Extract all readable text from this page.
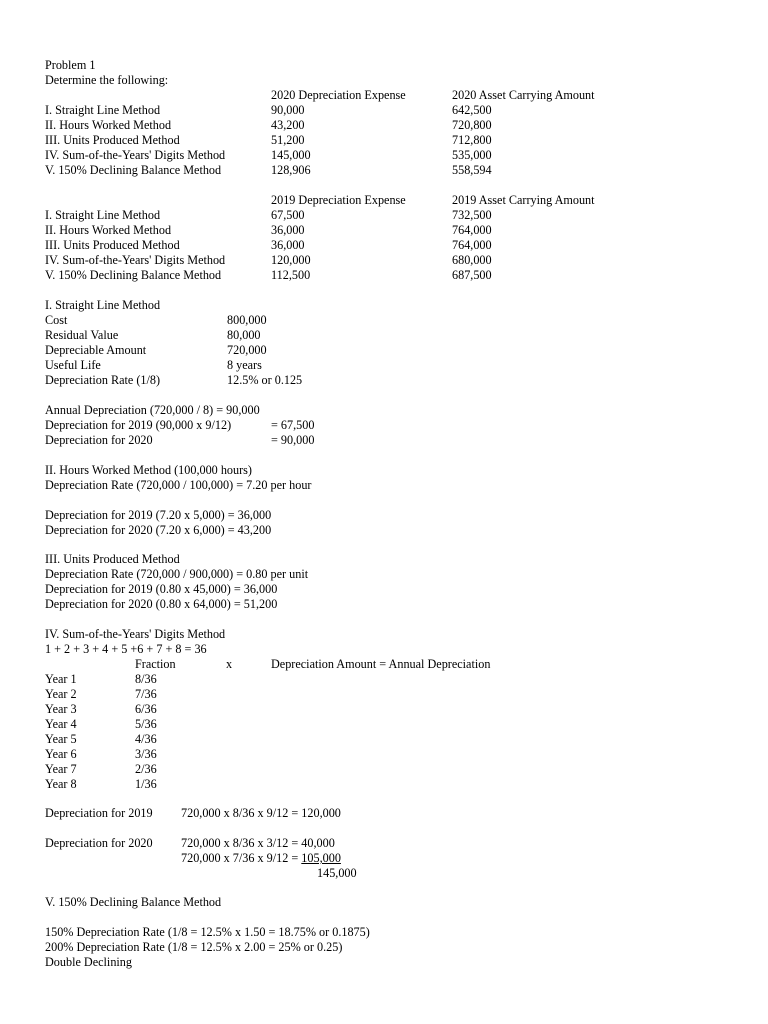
Problem 1
Determine the following:
2020 Depreciation Expense	2020 Asset Carrying Amount
I. Straight Line Method	90,000	642,500
II. Hours Worked Method	43,200	720,800
III. Units Produced Method	51,200	712,800
IV. Sum-of-the-Years' Digits Method	145,000	535,000
V. 150% Declining Balance Method	128,906	558,594
2019 Depreciation Expense	2019 Asset Carrying Amount
I. Straight Line Method	67,500	732,500
II. Hours Worked Method	36,000	764,000
III. Units Produced Method	36,000	764,000
IV. Sum-of-the-Years' Digits Method	120,000	680,000
V. 150% Declining Balance Method	112,500	687,500
I. Straight Line Method
Cost	800,000
Residual Value	80,000
Depreciable Amount	720,000
Useful Life	8 years
Depreciation Rate (1/8)	12.5% or 0.125
Annual Depreciation (720,000 / 8) = 90,000
Depreciation for 2019 (90,000 x 9/12)	= 67,500
Depreciation for 2020	= 90,000
II. Hours Worked Method (100,000 hours)
Depreciation Rate (720,000 / 100,000) = 7.20 per hour
Depreciation for 2019 (7.20 x 5,000) = 36,000
Depreciation for 2020 (7.20 x 6,000) = 43,200
III. Units Produced Method
Depreciation Rate (720,000 / 900,000) = 0.80 per unit
Depreciation for 2019 (0.80 x 45,000) = 36,000
Depreciation for 2020 (0.80 x 64,000) = 51,200
IV. Sum-of-the-Years' Digits Method
1 + 2 + 3 + 4 + 5 +6 + 7 + 8 = 36
Fraction	x	Depreciation Amount = Annual Depreciation
Year 1	8/36
Year 2	7/36
Year 3	6/36
Year 4	5/36
Year 5	4/36
Year 6	3/36
Year 7	2/36
Year 8	1/36
Depreciation for 2019 720,000 x 8/36 x 9/12 = 120,000
Depreciation for 2020 720,000 x 8/36 x 3/12 = 40,000
720,000 x 7/36 x 9/12 = 105,000
145,000
V. 150% Declining Balance Method
150% Depreciation Rate (1/8 = 12.5% x 1.50 = 18.75% or 0.1875)
200% Depreciation Rate (1/8 = 12.5% x 2.00 = 25% or 0.25)
Double Declining
